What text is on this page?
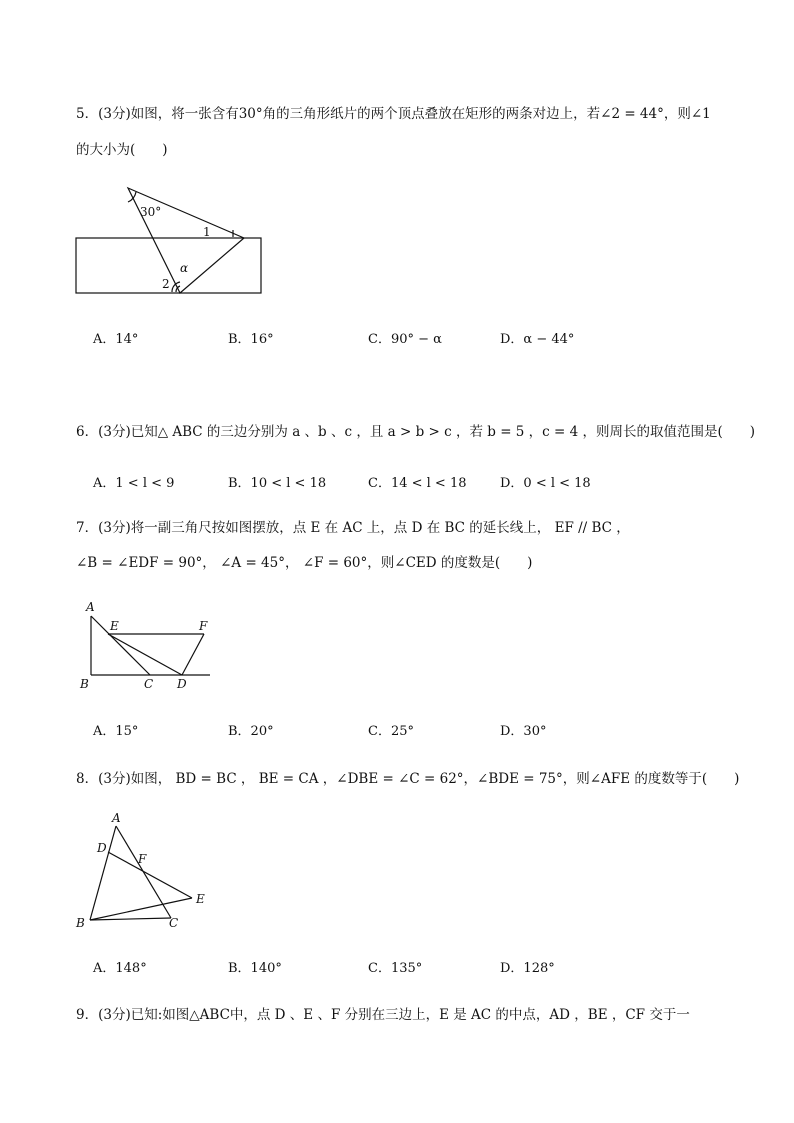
5．(3分)如图，将一张含有30°角的三角形纸片的两个顶点叠放在矩形的两条对边上，若∠2 = 44°，则∠1
的大小为(　　)
30°
1
α
2
A．14°	B．16°	C．90° − α	D．α − 44°
6．(3分)已知△ ABC 的三边分别为 a 、b 、c ，且 a > b > c ，若 b = 5 ，c = 4 ，则周长的取值范围是(　　)
A．1 < l < 9	B．10 < l < 18	C．14 < l < 18	D．0 < l < 18
7．(3分)将一副三角尺按如图摆放，点 E 在 AC 上，点 D 在 BC 的延长线上， EF // BC ，
∠B = ∠EDF = 90°， ∠A = 45°， ∠F = 60°，则∠CED 的度数是(　　)
A
E	F
B	C D
A．15°	B．20°	C．25°	D．30°
8．(3分)如图， BD = BC ， BE = CA ，∠DBE = ∠C = 62°，∠BDE = 75°，则∠AFE 的度数等于(　　)
A
D
F
E
B	C
A．148°	B．140°	C．135°	D．128°
9．(3分)已知:如图△ABC中，点 D 、E 、F 分别在三边上，E 是 AC 的中点，AD ，BE ，CF 交于一
